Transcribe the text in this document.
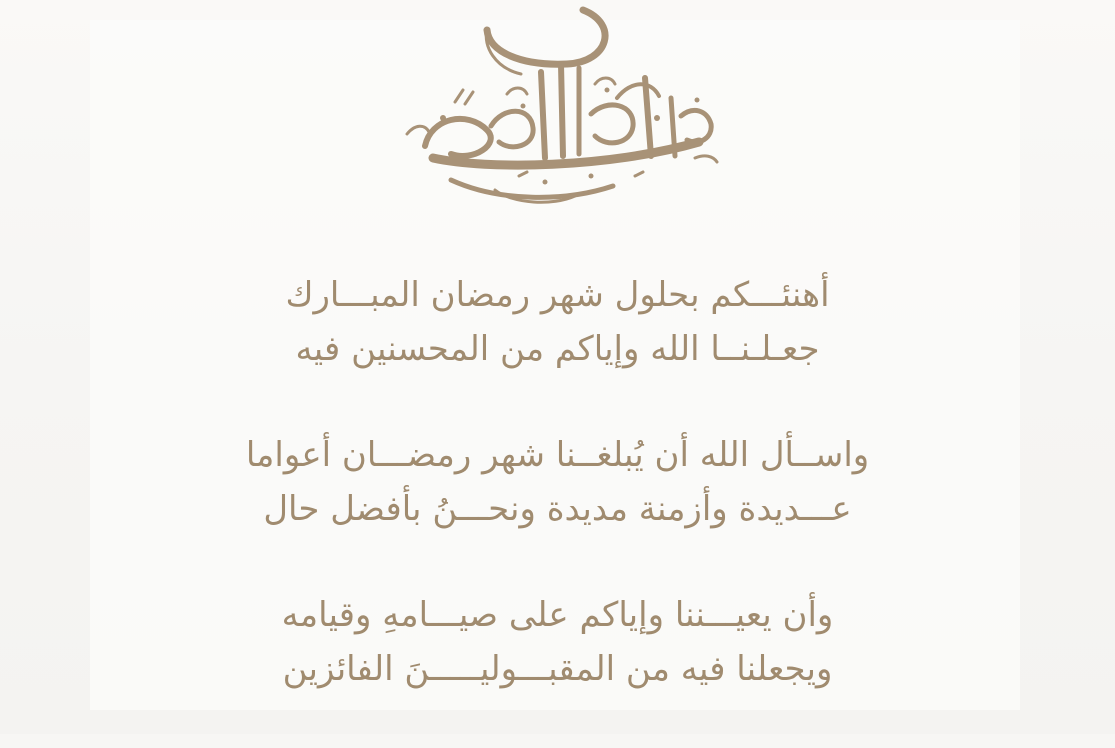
أهنئـــكم بحلول شهر رمضان المبـــارك
جعـلـنــا الله وإياكم من المحسنين فيه
واســأل الله أن يُبلغــنا شهر رمضـــان أعواما
عـــديدة وأزمنة مديدة ونحـــنُ بأفضل حال
وأن يعيـــننا وإياكم على صيـــامهِ وقيامه
ويجعلنا فيه من المقبـــوليـــــنَ الفائزين
